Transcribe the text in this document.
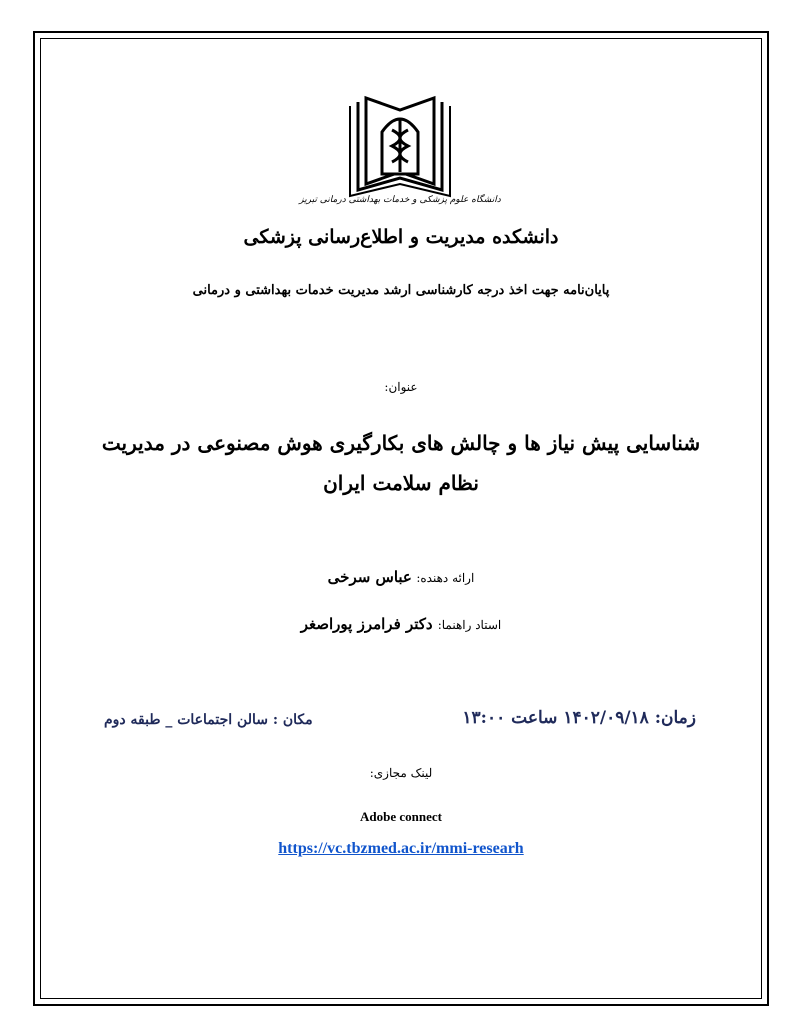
دانشگاه علوم پزشکی و خدمات بهداشتی درمانی تبریز
دانشکده مدیریت و اطلاع‌رسانی پزشکی
پایان‌نامه جهت اخذ درجه کارشناسی ارشد مدیریت خدمات بهداشتی و درمانی
عنوان:
شناسایی پیش نیاز ها و چالش های بکارگیری هوش مصنوعی در مدیریت
نظام سلامت ایران
ارائه دهنده: عباس سرخی
استاد راهنما: دکتر فرامرز پوراصغر
زمان: ۱۴۰۲/۰۹/۱۸ ساعت ۱۳:۰۰
مکان : سالن اجتماعات _ طبقه دوم
لینک مجازی:
Adobe connect
https://vc.tbzmed.ac.ir/mmi-researh
